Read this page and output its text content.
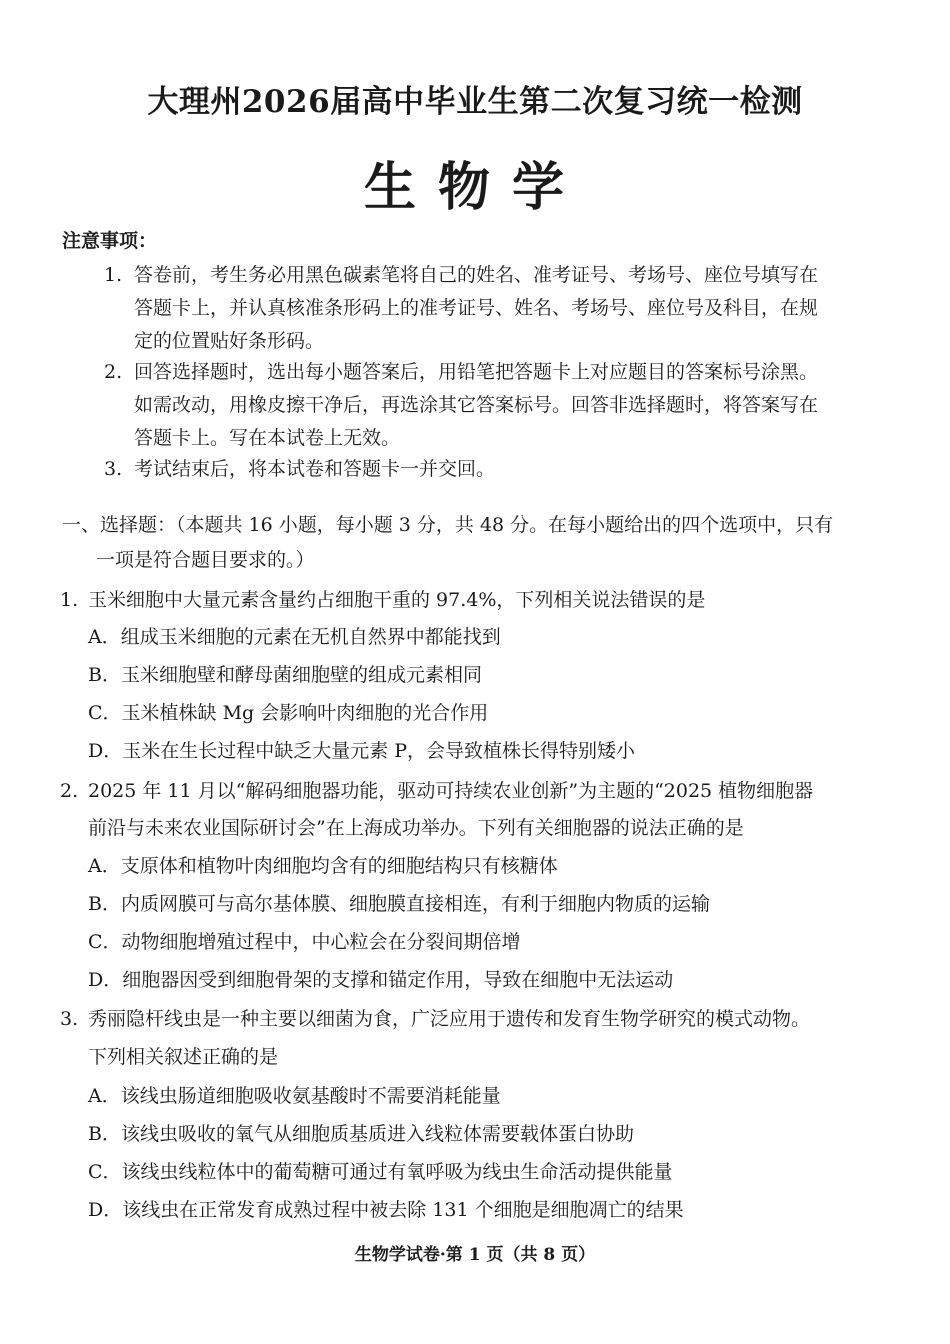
大理州2026届高中毕业生第二次复习统一检测
生物学
注意事项：
1. 答卷前，考生务必用黑色碳素笔将自己的姓名、准考证号、考场号、座位号填写在
答题卡上，并认真核准条形码上的准考证号、姓名、考场号、座位号及科目，在规
定的位置贴好条形码。
2. 回答选择题时，选出每小题答案后，用铅笔把答题卡上对应题目的答案标号涂黑。
如需改动，用橡皮擦干净后，再选涂其它答案标号。回答非选择题时，将答案写在
答题卡上。写在本试卷上无效。
3. 考试结束后，将本试卷和答题卡一并交回。
一、选择题：（本题共 16 小题，每小题 3 分，共 48 分。在每小题给出的四个选项中，只有
一项是符合题目要求的。）
1. 玉米细胞中大量元素含量约占细胞干重的 97.4%，下列相关说法错误的是
A．组成玉米细胞的元素在无机自然界中都能找到
B．玉米细胞壁和酵母菌细胞壁的组成元素相同
C．玉米植株缺 Mg 会影响叶肉细胞的光合作用
D．玉米在生长过程中缺乏大量元素 P，会导致植株长得特别矮小
2. 2025 年 11 月以“解码细胞器功能，驱动可持续农业创新”为主题的“2025 植物细胞器
前沿与未来农业国际研讨会”在上海成功举办。下列有关细胞器的说法正确的是
A．支原体和植物叶肉细胞均含有的细胞结构只有核糖体
B．内质网膜可与高尔基体膜、细胞膜直接相连，有利于细胞内物质的运输
C．动物细胞增殖过程中，中心粒会在分裂间期倍增
D．细胞器因受到细胞骨架的支撑和锚定作用，导致在细胞中无法运动
3. 秀丽隐杆线虫是一种主要以细菌为食，广泛应用于遗传和发育生物学研究的模式动物。
下列相关叙述正确的是
A．该线虫肠道细胞吸收氨基酸时不需要消耗能量
B．该线虫吸收的氧气从细胞质基质进入线粒体需要载体蛋白协助
C．该线虫线粒体中的葡萄糖可通过有氧呼吸为线虫生命活动提供能量
D．该线虫在正常发育成熟过程中被去除 131 个细胞是细胞凋亡的结果
生物学试卷·第 1 页（共 8 页）
